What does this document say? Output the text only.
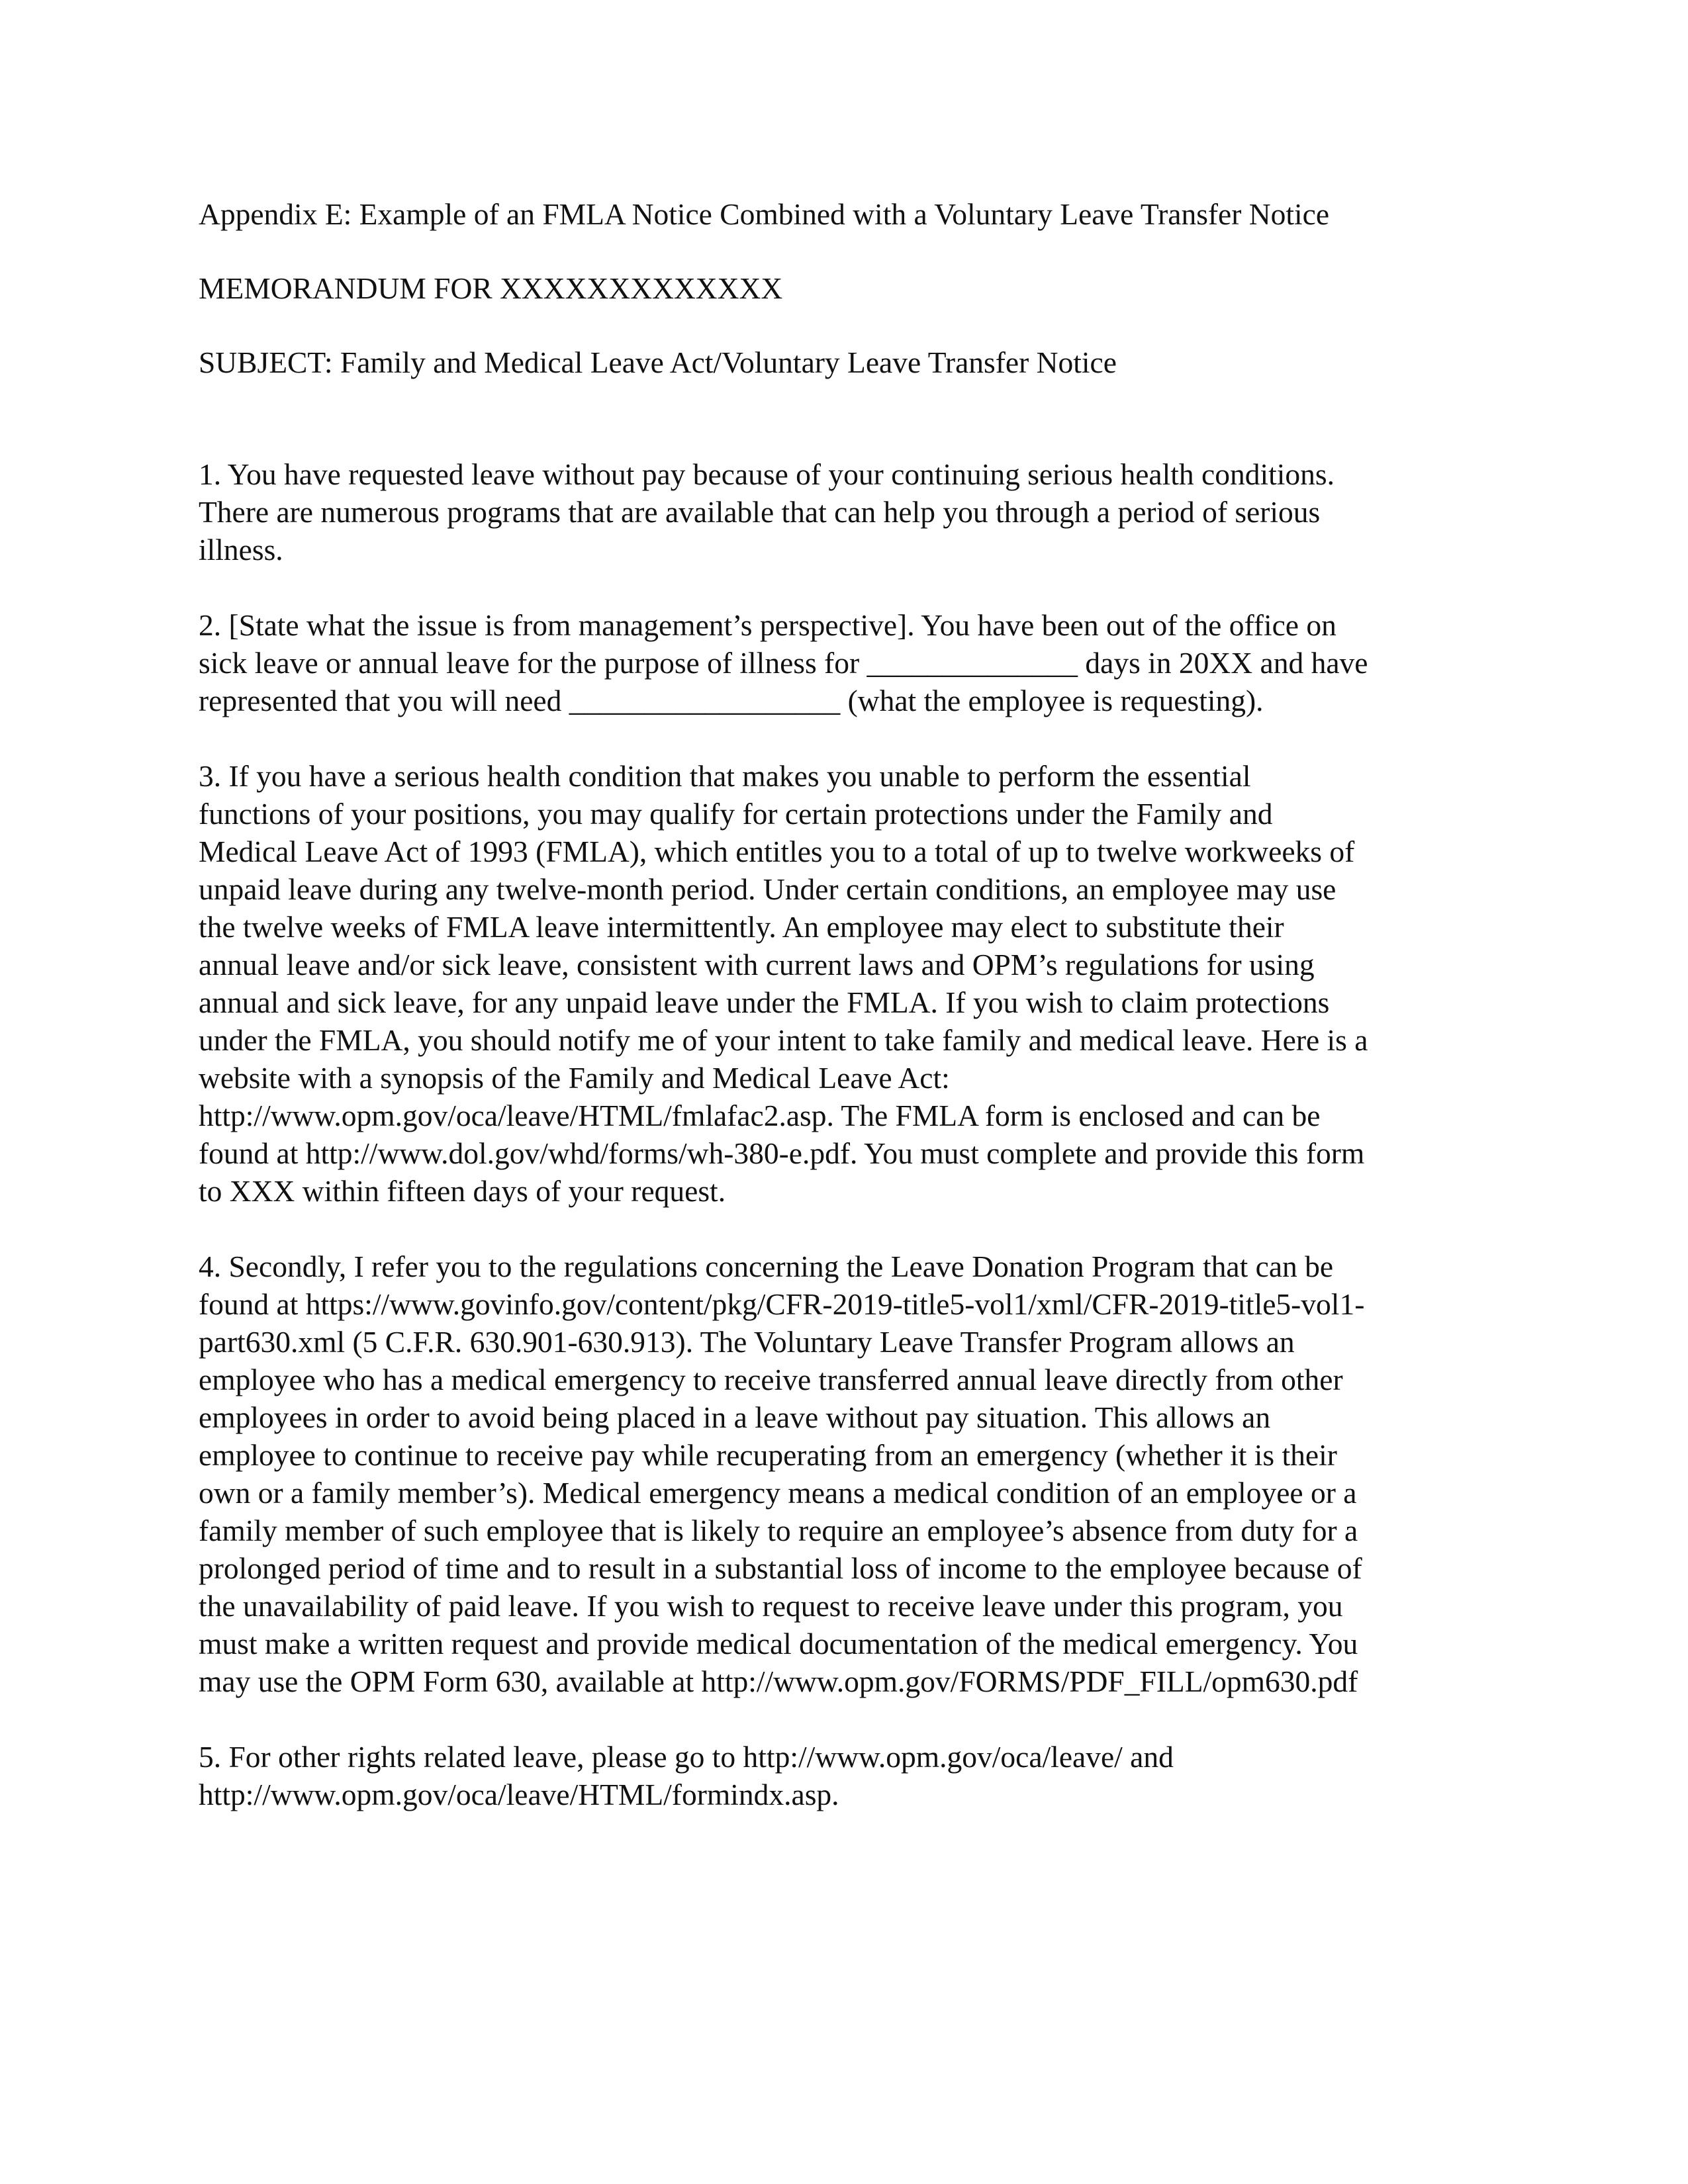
Appendix E: Example of an FMLA Notice Combined with a Voluntary Leave Transfer Notice
MEMORANDUM FOR XXXXXXXXXXXXX
SUBJECT: Family and Medical Leave Act/Voluntary Leave Transfer Notice
1. You have requested leave without pay because of your continuing serious health conditions.
There are numerous programs that are available that can help you through a period of serious
illness.
2. [State what the issue is from management’s perspective]. You have been out of the office on
sick leave or annual leave for the purpose of illness for ______________ days in 20XX and have
represented that you will need __________________ (what the employee is requesting).
3. If you have a serious health condition that makes you unable to perform the essential
functions of your positions, you may qualify for certain protections under the Family and
Medical Leave Act of 1993 (FMLA), which entitles you to a total of up to twelve workweeks of
unpaid leave during any twelve-month period. Under certain conditions, an employee may use
the twelve weeks of FMLA leave intermittently. An employee may elect to substitute their
annual leave and/or sick leave, consistent with current laws and OPM’s regulations for using
annual and sick leave, for any unpaid leave under the FMLA. If you wish to claim protections
under the FMLA, you should notify me of your intent to take family and medical leave. Here is a
website with a synopsis of the Family and Medical Leave Act:
http://www.opm.gov/oca/leave/HTML/fmlafac2.asp. The FMLA form is enclosed and can be
found at http://www.dol.gov/whd/forms/wh-380-e.pdf. You must complete and provide this form
to XXX within fifteen days of your request.
4. Secondly, I refer you to the regulations concerning the Leave Donation Program that can be
found at https://www.govinfo.gov/content/pkg/CFR-2019-title5-vol1/xml/CFR-2019-title5-vol1-
part630.xml (5 C.F.R. 630.901-630.913). The Voluntary Leave Transfer Program allows an
employee who has a medical emergency to receive transferred annual leave directly from other
employees in order to avoid being placed in a leave without pay situation. This allows an
employee to continue to receive pay while recuperating from an emergency (whether it is their
own or a family member’s). Medical emergency means a medical condition of an employee or a
family member of such employee that is likely to require an employee’s absence from duty for a
prolonged period of time and to result in a substantial loss of income to the employee because of
the unavailability of paid leave. If you wish to request to receive leave under this program, you
must make a written request and provide medical documentation of the medical emergency. You
may use the OPM Form 630, available at http://www.opm.gov/FORMS/PDF_FILL/opm630.pdf
5. For other rights related leave, please go to http://www.opm.gov/oca/leave/ and
http://www.opm.gov/oca/leave/HTML/formindx.asp.
